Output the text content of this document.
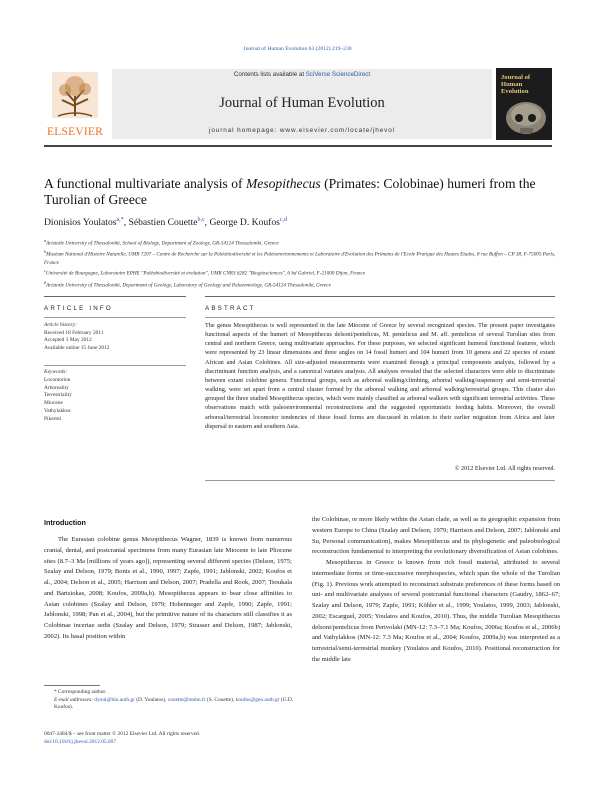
Journal of Human Evolution 63 (2012) 219–230
ELSEVIER
Contents lists available at SciVerse ScienceDirect
Journal of Human Evolution
journal homepage: www.elsevier.com/locate/jhevol
Journal of Human Evolution
A functional multivariate analysis of Mesopithecus (Primates: Colobinae) humeri from the Turolian of Greece
Dionisios Youlatos$^{a,*}$, Sébastien Couette$^{b,c}$, George D. Koufos$^{c,d}$
$^a$Aristotle University of Thessaloniki, School of Biology, Department of Zoology, GR-54124 Thessaloniki, Greece
$^b$Muséum National d'Histoire Naturelle, UMR 7207 – Centre de Recherche sur la Paléobiodiversité et les Paléoenvironnements et Laboratoire d'Evolution des Primates de l'Ecole Pratique des Hautes Etudes, 8 rue Buffon – CP 38, F-75005 Paris, France
$^c$Université de Bourgogne, Laboratoire EPHE "Paléobiodiversité et évolution", UMR CNRS 6282 "Biogéosciences", 6 bd Gabriel, F-21000 Dijon, France
$^d$Aristotle University of Thessaloniki, Department of Geology, Laboratory of Geology and Palaeontology, GR-54124 Thessaloniki, Greece
ARTICLE INFO
Article history:
Received 18 February 2011
Accepted 3 May 2012
Available online 15 June 2012
Keywords:
Locomotion
Arboreality
Terrestriality
Miocene
Vathylakkos
Pikermi
ABSTRACT
The genus Mesopithecus is well represented in the late Miocene of Greece by several recognized species. The present paper investigates functional aspects of the humeri of Mesopithecus delsoni/pentelicus, M. pentelicus and M. aff. pentelicus of several Turolian sites from central and northern Greece, using multivariate approaches. For these purposes, we selected significant humeral functional features, which were represented by 23 linear dimensions and three angles on 14 fossil humeri and 104 humeri from 10 genera and 22 species of extant African and Asian Colobines. All size-adjusted measurements were examined through a principal components analysis, followed by a discriminant function analysis, and a canonical variates analysis. All analyses revealed that the selected characters were able to discriminate between extant colobine genera. Functional groups, such as arboreal walking/climbing, arboreal walking/suspensory and semi-terrestrial walking, were set apart from a central cluster formed by the arboreal walking and arboreal walking/terrestrial groups. This cluster also grouped the three studied Mesopithecus species, which were mainly classified as arboreal walkers with significant terrestrial activities. These observations match with paleoenvironmental reconstructions and the suggested opportunistic feeding habits. Moreover, the overall arboreal/terrestrial locomotor tendencies of these fossil forms are discussed in relation to their earlier migration from Africa and later dispersal to eastern and southern Asia.
© 2012 Elsevier Ltd. All rights reserved.
Introduction
The Eurasian colobine genus Mesopithecus Wagner, 1839 is known from numerous cranial, dental, and postcranial specimens from many Eurasian late Miocene to late Pliocene sites (8.7–3 Ma [millions of years ago]), representing several different species (Delson, 1975; Szalay and Delson, 1979; Bonis et al., 1990, 1997; Zapfe, 1991; Jablonski, 2002; Koufos et al., 2004; Delson et al., 2005; Harrison and Delson, 2007; Pradella and Rook, 2007; Tsoukala and Bartsiokas, 2008; Koufos, 2009a,b). Mesopithecus appears to bear close affinities to Asian colobines (Szalay and Delson, 1979; Hohenneger and Zapfe, 1990; Zapfe, 1991; Jablonski, 1998; Pan et al., 2004), but the primitive nature of its characters still classifies it as Colobinae incertae sedis (Szalay and Delson, 1979; Strasser and Delson, 1987; Jablonski, 2002). Its basal position within
the Colobinae, or more likely within the Asian clade, as well as its geographic expansion from western Europe to China (Szalay and Delson, 1979; Harrison and Delson, 2007; Jablonski and Su, Personal communication), makes Mesopithecus and its phylogenetic and paleobiological reconstruction fundamental to interpreting the evolutionary diversification of Asian colobines.
Mesopithecus in Greece is known from rich fossil material, attributed to several intermediate forms or time-successive morphospecies, which span the whole of the Turolian (Fig. 1). Previous work attempted to reconstruct substrate preferences of these forms based on uni- and multivariate analyses of several postcranial functional characters (Gaudry, 1862–67; Szalay and Delson, 1979; Zapfe, 1991; Köhler et al., 1999; Youlatos, 1999, 2003; Jablonski, 2002; Escarguel, 2005; Youlatos and Koufos, 2010). Thus, the middle Turolian Mesopithecus delsoni/pentelicus from Perivolaki (MN-12: 7.3–7.1 Ma; Koufos, 2006a; Koufos et al., 2006b) and Vathylakkos (MN-12: 7.3 Ma; Koufos et al., 2004; Koufos, 2009a,b) was interpreted as a terrestrial/semi-terrestrial monkey (Youlatos and Koufos, 2010). Positional reconstruction for the middle late
* Corresponding author.
E-mail addresses: dyoul@bio.auth.gr (D. Youlatos), couette@mnhn.fr (S. Couette), koufos@geo.auth.gr (G.D. Koufos).
0047-2484/$ – see front matter © 2012 Elsevier Ltd. All rights reserved.
doi:10.1016/j.jhevol.2012.05.007
